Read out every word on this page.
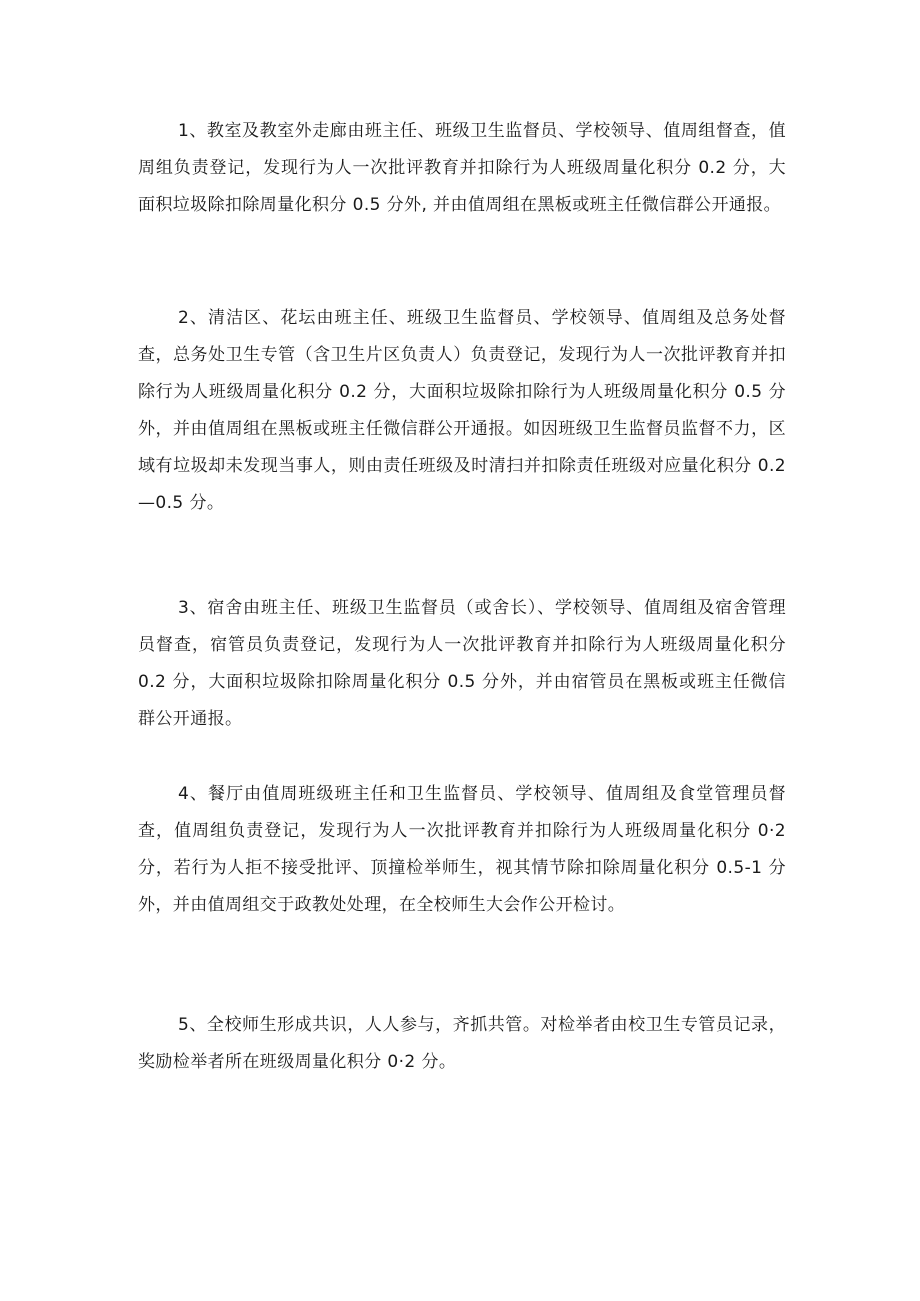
1、教室及教室外走廊由班主任、班级卫生监督员、学校领导、值周组督查，值周组负责登记，发现行为人一次批评教育并扣除行为人班级周量化积分 0.2 分，大面积垃圾除扣除周量化积分 0.5 分外, 并由值周组在黑板或班主任微信群公开通报。

2、清洁区、花坛由班主任、班级卫生监督员、学校领导、值周组及总务处督查，总务处卫生专管（含卫生片区负责人）负责登记，发现行为人一次批评教育并扣除行为人班级周量化积分 0.2 分，大面积垃圾除扣除行为人班级周量化积分 0.5 分外，并由值周组在黑板或班主任微信群公开通报。如因班级卫生监督员监督不力，区域有垃圾却未发现当事人，则由责任班级及时清扫并扣除责任班级对应量化积分 0.2—0.5 分。

3、宿舍由班主任、班级卫生监督员（或舍长）、学校领导、值周组及宿舍管理员督查，宿管员负责登记，发现行为人一次批评教育并扣除行为人班级周量化积分 0.2 分，大面积垃圾除扣除周量化积分 0.5 分外，并由宿管员在黑板或班主任微信群公开通报。

4、餐厅由值周班级班主任和卫生监督员、学校领导、值周组及食堂管理员督查，值周组负责登记，发现行为人一次批评教育并扣除行为人班级周量化积分 0·2 分，若行为人拒不接受批评、顶撞检举师生，视其情节除扣除周量化积分 0.5-1 分外，并由值周组交于政教处处理，在全校师生大会作公开检讨。

5、全校师生形成共识，人人参与，齐抓共管。对检举者由校卫生专管员记录，奖励检举者所在班级周量化积分 0·2 分。
